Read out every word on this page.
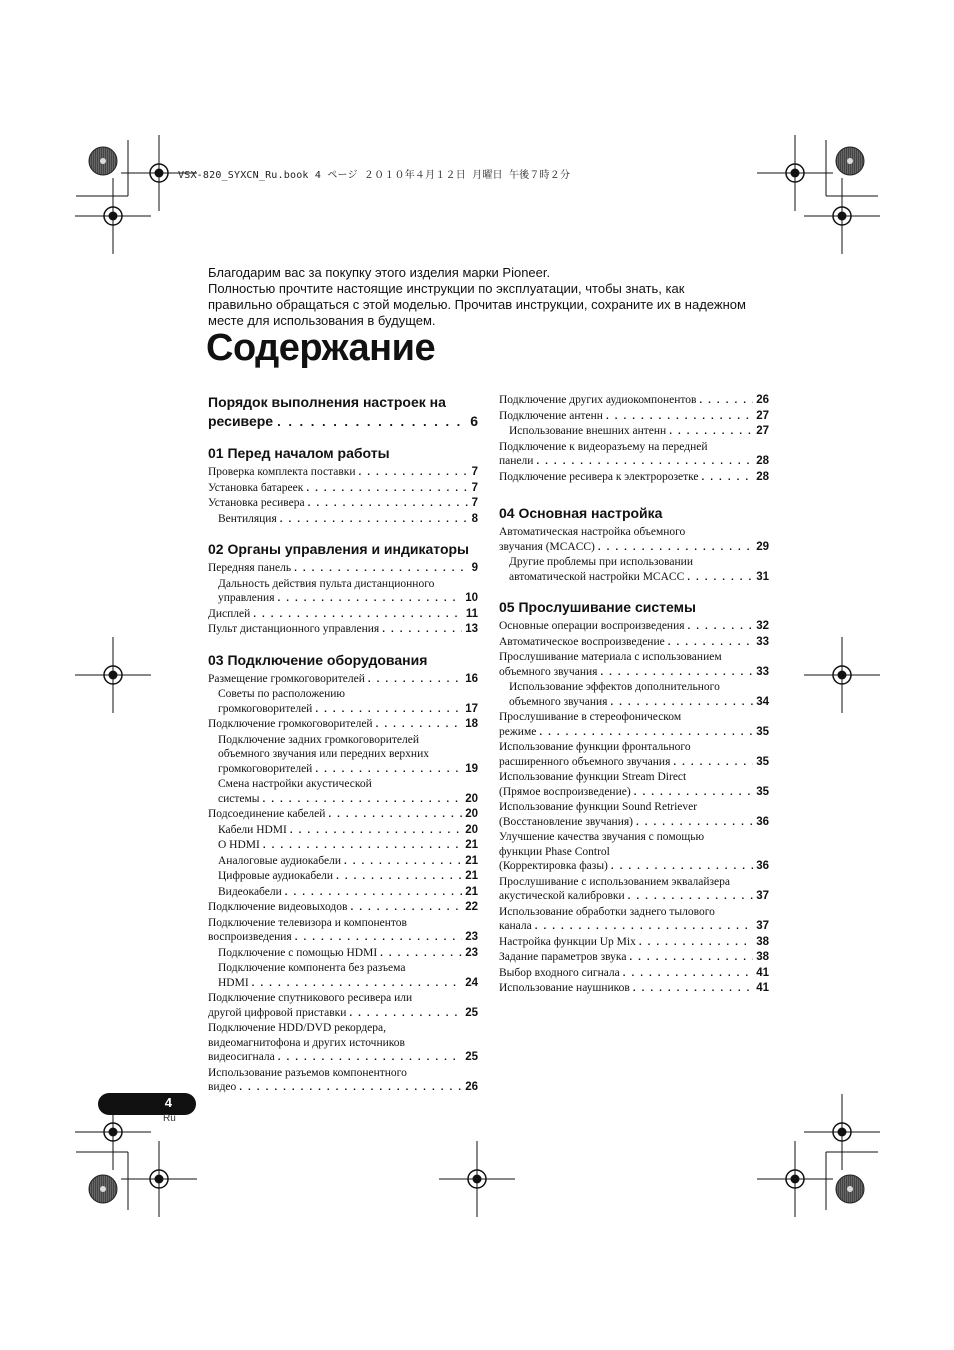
VSX-820_SYXCN_Ru.book 4 ページ ２０１０年４月１２日 月曜日 午後７時２分

Благодарим вас за покупку этого изделия марки Pioneer.

Полностью прочтите настоящие инструкции по эксплуатации, чтобы знать, как

правильно обращаться с этой моделью. Прочитав инструкции, сохраните их в надежном

месте для использования в будущем.

Содержание
Порядок выполнения настроек на
ресивере . . .	6
01 Перед началом работы
Проверка комплекта поставки . . .	7
Установка батареек . . .	7
Установка ресивера . . .	7
Вентиляция . . .	8
02 Органы управления и индикаторы
Передняя панель . . .	9
Дальность действия пульта дистанционного
управления . . .	10
Дисплей . . .	11
Пульт дистанционного управления . . .	13
03 Подключение оборудования
Размещение громкоговорителей . . .	16
Советы по расположению
громкоговорителей . . .	17
Подключение громкоговорителей . . .	18
Подключение задних громкоговорителей
объемного звучания или передних верхних
громкоговорителей . . .	19
Смена настройки акустической
системы . . .	20
Подсоединение кабелей . . .	20
Кабели HDMI . . .	20
О HDMI . . .	21
Аналоговые аудиокабели . . .	21
Цифровые аудиокабели . . .	21
Видеокабели . . .	21
Подключение видеовыходов . . .	22
Подключение телевизора и компонентов
воспроизведения . . .	23
Подключение с помощью HDMI . . .	23
Подключение компонента без разъема
HDMI . . .	24
Подключение спутникового ресивера или
другой цифровой приставки . . .	25
Подключение HDD/DVD рекордера,
видеомагнитофона и других источников
видеосигнала . . .	25
Использование разъемов компонентного
видео . . .	26
Подключение других аудиокомпонентов . . .	26
Подключение антенн . . .	27
Использование внешних антенн . . .	27
Подключение к видеоразъему на передней
панели . . .	28
Подключение ресивера к электророзетке . . .	28
04 Основная настройка
Автоматическая настройка объемного
звучания (MCACC) . . .	29
Другие проблемы при использовании
автоматической настройки MCACC . . .	31
05 Прослушивание системы
Основные операции воспроизведения . . .	32
Автоматическое воспроизведение . . .	33
Прослушивание материала с использованием
объемного звучания . . .	33
Использование эффектов дополнительного
объемного звучания . . .	34
Прослушивание в стереофоническом
режиме . . .	35
Использование функции фронтального
расширенного объемного звучания . . .	35
Использование функции Stream Direct
(Прямое воспроизведение) . . .	35
Использование функции Sound Retriever
(Восстановление звучания) . . .	36
Улучшение качества звучания с помощью
функции Phase Control
(Корректировка фазы) . . .	36
Прослушивание с использованием эквалайзера
акустической калибровки . . .	37
Использование обработки заднего тылового
канала . . .	37
Настройка функции Up Mix . . .	38
Задание параметров звука . . .	38
Выбор входного сигнала . . .	41
Использование наушников . . .	41
4
Ru
